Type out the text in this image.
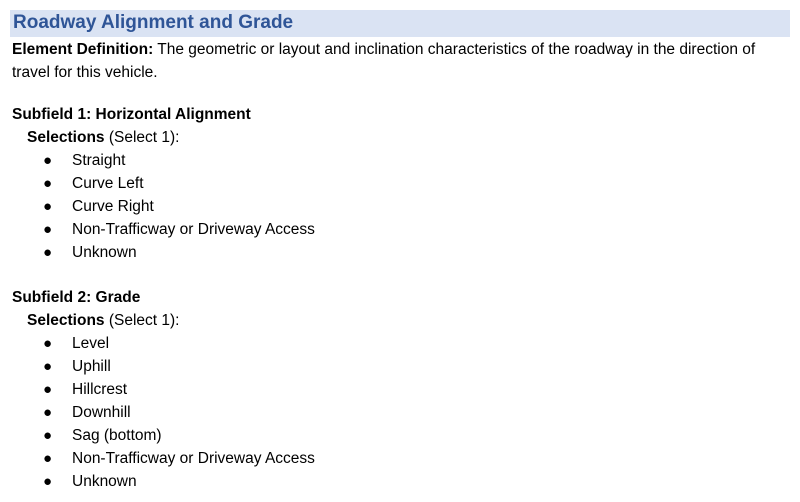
Roadway Alignment and Grade
Element Definition: The geometric or layout and inclination characteristics of the roadway in the direction of travel for this vehicle.
Subfield 1: Horizontal Alignment
Selections (Select 1):
● Straight
● Curve Left
● Curve Right
● Non-Trafficway or Driveway Access
● Unknown
Subfield 2: Grade
Selections (Select 1):
● Level
● Uphill
● Hillcrest
● Downhill
● Sag (bottom)
● Non-Trafficway or Driveway Access
● Unknown
